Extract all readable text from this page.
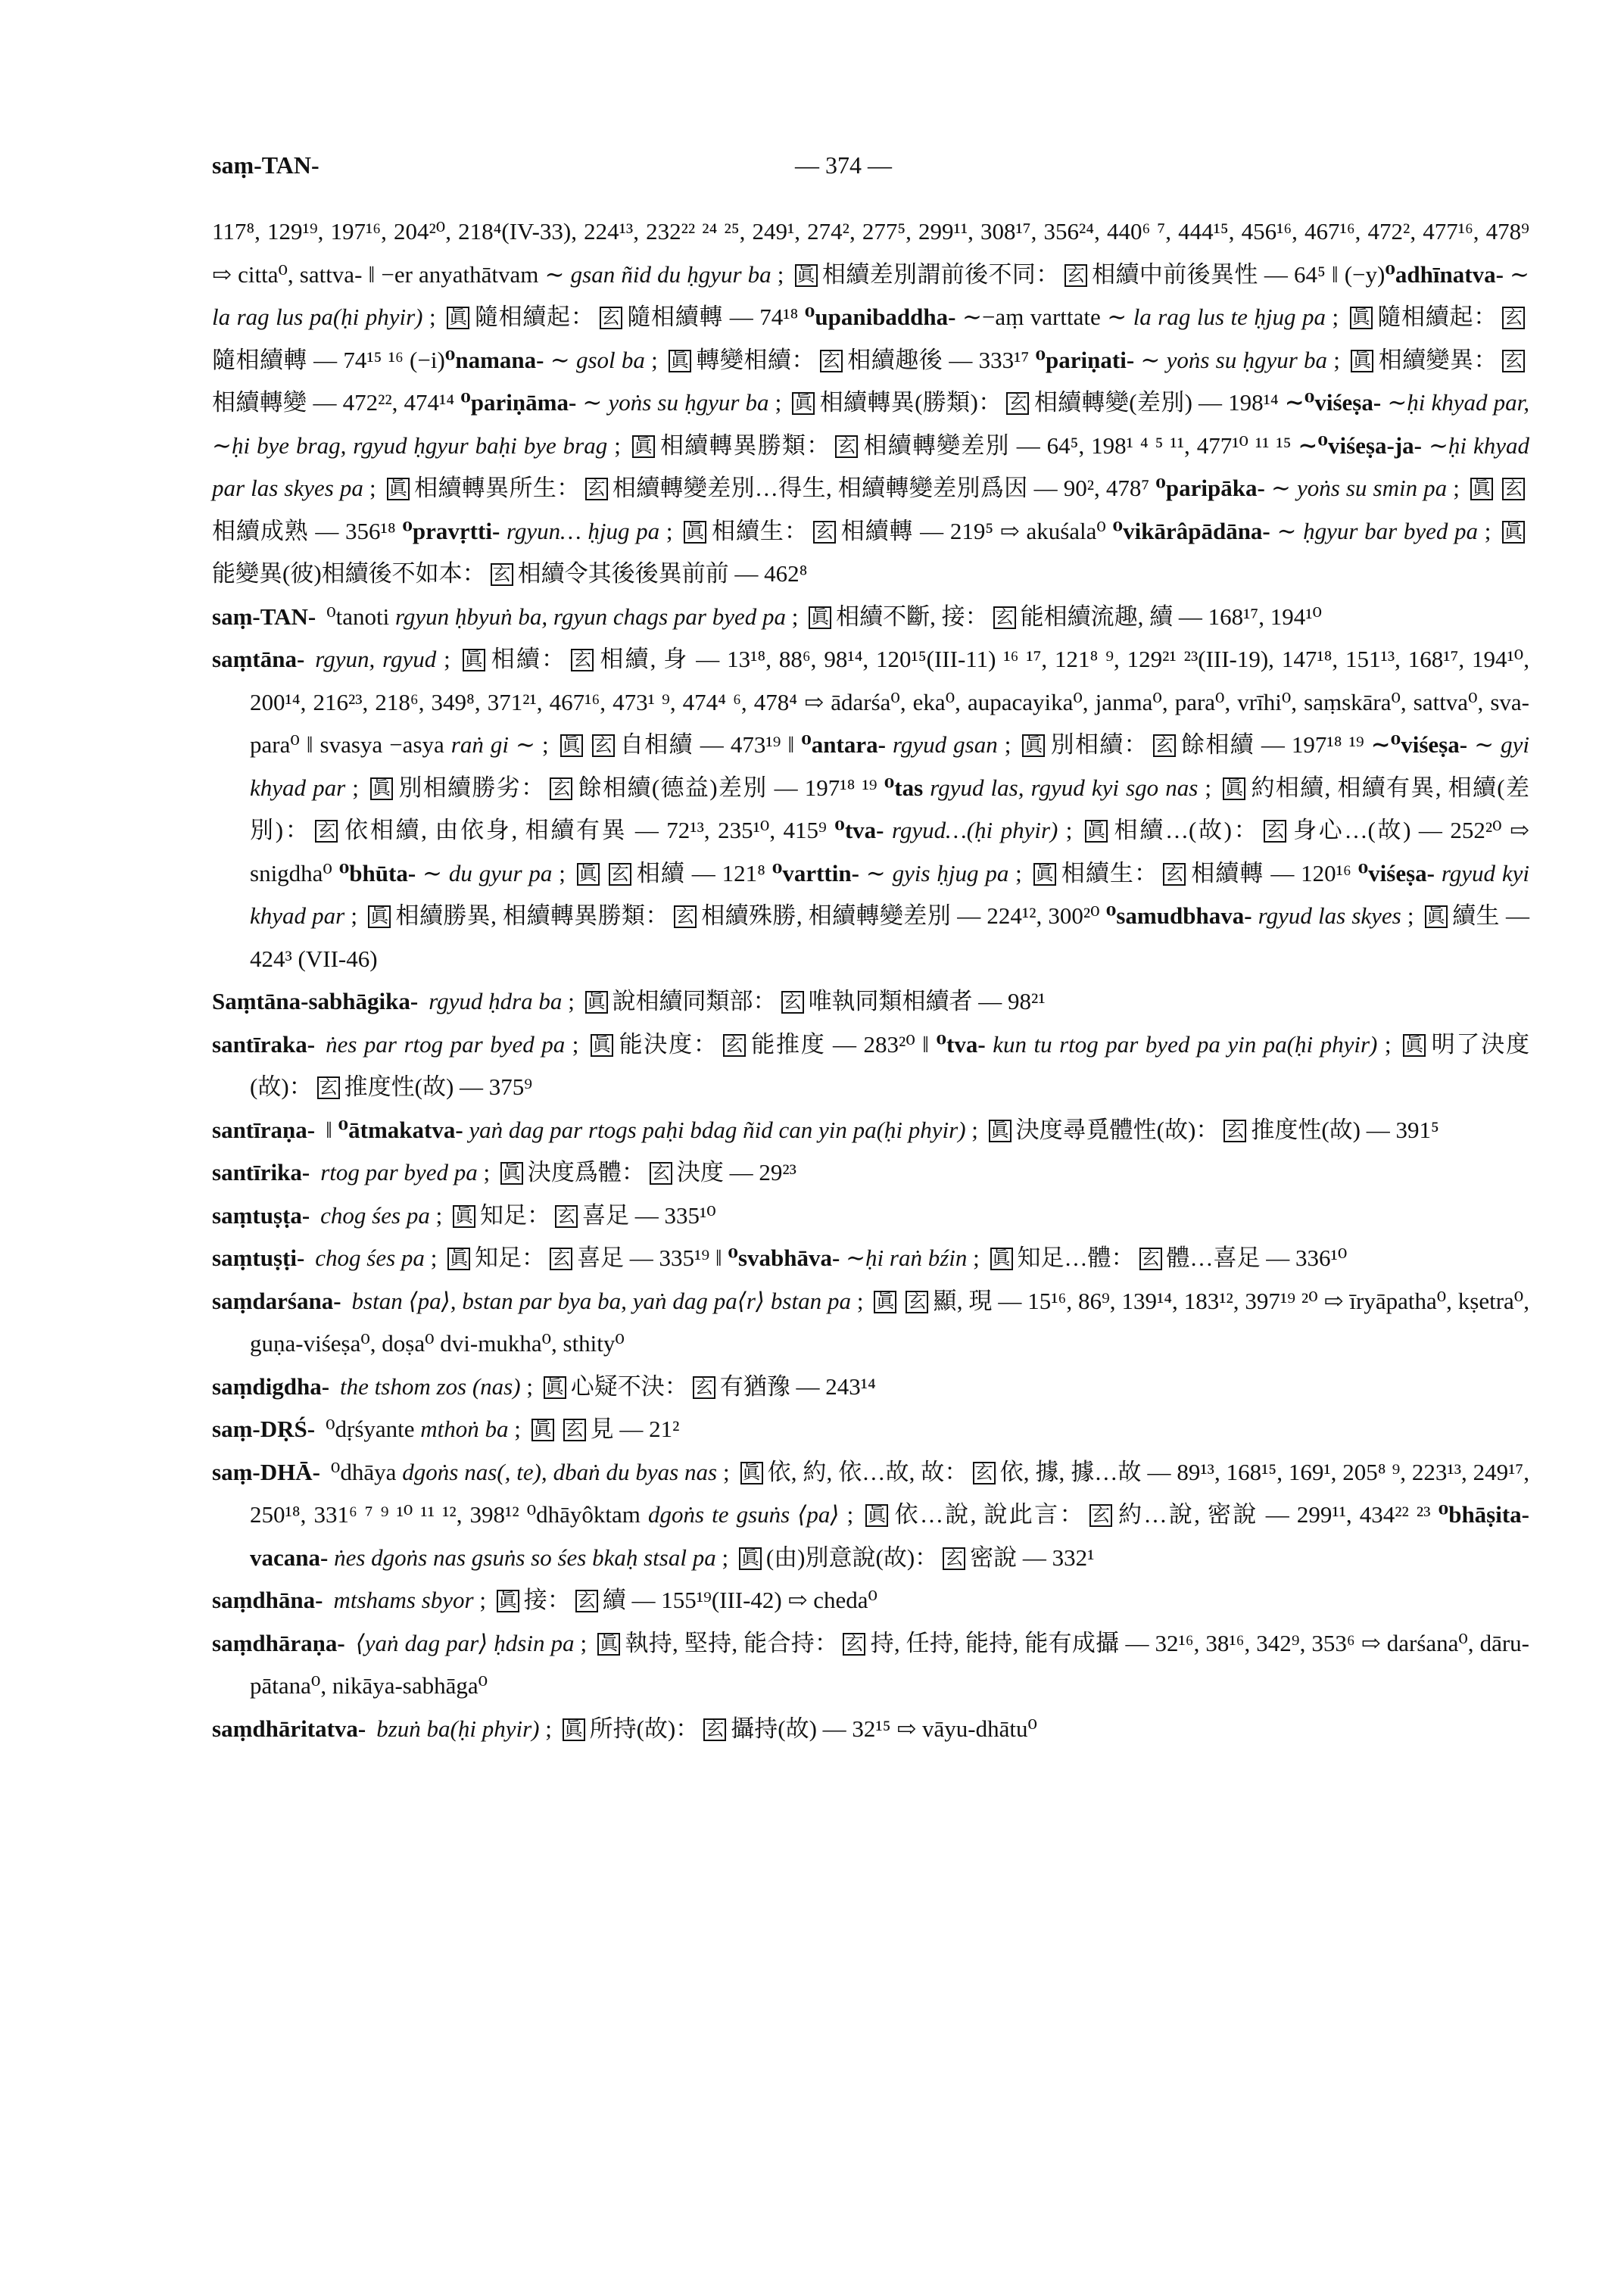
saṃ-TAN-	— 374 —

117⁸, 129¹⁹, 197¹⁶, 204²⁰, 218⁴(IV-33), 224¹³, 232²² ²⁴ ²⁵, 249¹, 274², 277⁵, 299¹¹, 308¹⁷, 356²⁴, 440⁶ ⁷, 444¹⁵, 456¹⁶, 467¹⁶, 472², 477¹⁶, 478⁹ ⇨ citta⁰, sattva- ‖ −er anyathātvam ∼ gsan ñid du ḥgyur ba ; 眞 相續差別謂前後不同： 玄 相續中前後異性 — 64⁵ ‖ (−y)⁰adhīnatva- ∼ la rag lus pa(ḥi phyir) ; 眞 隨相續起： 玄 隨相續轉 — 74¹⁸ ⁰upanibaddha- ∼−aṃ varttate ∼ la rag lus te ḥjug pa ; 眞 隨相續起： 玄隨相續轉 — 74¹⁵ ¹⁶ (−i)⁰namana- ∼ gsol ba ; 眞 轉變相續： 玄 相續趣後 — 333¹⁷ ⁰pariṇati- ∼ yoṅs su ḥgyur ba ; 眞 相續變異： 玄相續轉變 — 472²², 474¹⁴ ⁰pariṇāma- ∼ yoṅs su ḥgyur ba ; 眞 相續轉異(勝類)： 玄 相續轉變(差別) — 198¹⁴ ∼⁰viśeṣa- ∼ḥi khyad par, ∼ḥi bye brag, rgyud ḥgyur baḥi bye brag ; 眞 相續轉異勝類： 玄 相續轉變差別 — 64⁵, 198¹ ⁴ ⁵ ¹¹, 477¹⁰ ¹¹ ¹⁵ ∼⁰viśeṣa-ja- ∼ḥi khyad par las skyes pa ; 眞 相續轉異所生： 玄 相續轉變差別…得生, 相續轉變差別爲因 — 90², 478⁷ ⁰paripāka- ∼ yoṅs su smin pa ; 眞 玄相續成熟 — 356¹⁸ ⁰pravṛtti- rgyun… ḥjug pa ; 眞 相續生： 玄 相續轉 — 219⁵ ⇨ akuśala⁰ ⁰vikārâpādāna- ∼ ḥgyur bar byed pa ; 眞能變異(彼)相續後不如本： 玄 相續令其後後異前前 — 462⁸

saṃ-TAN- ⁰tanoti rgyun ḥbyuṅ ba, rgyun chags par byed pa ; 眞 相續不斷, 接： 玄 能相續流趣, 續 — 168¹⁷, 194¹⁰

saṃtāna- rgyun, rgyud ; 眞 相續： 玄 相續, 身 — 13¹⁸, 88⁶, 98¹⁴, 120¹⁵(III-11) ¹⁶ ¹⁷, 121⁸ ⁹, 129²¹ ²³(III-19), 147¹⁸, 151¹³, 168¹⁷, 194¹⁰, 200¹⁴, 216²³, 218⁶, 349⁸, 371²¹, 467¹⁶, 473¹ ⁹, 474⁴ ⁶, 478⁴ ⇨ ādarśa⁰, eka⁰, aupacayika⁰, janma⁰, para⁰, vrīhi⁰, saṃskāra⁰, sattva⁰, sva-para⁰ ‖ svasya −asya raṅ gi ∼ ; 眞 玄 自相續 — 473¹⁹ ‖ ⁰antara- rgyud gsan ; 眞 別相續： 玄 餘相續 — 197¹⁸ ¹⁹ ∼⁰viśeṣa- ∼ gyi khyad par ; 眞 別相續勝劣： 玄 餘相續(德益)差別 — 197¹⁸ ¹⁹ ⁰tas rgyud las, rgyud kyi sgo nas ; 眞 約相續, 相續有異, 相續(差別)： 玄 依相續, 由依身, 相續有異 — 72¹³, 235¹⁰, 415⁹ ⁰tva- rgyud…(ḥi phyir) ; 眞 相續…(故)： 玄 身心…(故) — 252²⁰ ⇨ snigdha⁰ ⁰bhūta- ∼ du gyur pa ; 眞 玄 相續 — 121⁸ ⁰varttin- ∼ gyis ḥjug pa ; 眞 相續生： 玄 相續轉 — 120¹⁶ ⁰viśeṣa- rgyud kyi khyad par ; 眞 相續勝異, 相續轉異勝類： 玄 相續殊勝, 相續轉變差別 — 224¹², 300²⁰ ⁰samudbhava- rgyud las skyes ; 眞 續生 — 424³ (VII-46)

Saṃtāna-sabhāgika- rgyud ḥdra ba ; 眞 說相續同類部： 玄 唯執同類相續者 — 98²¹

santīraka- ṅes par rtog par byed pa ; 眞 能決度： 玄 能推度 — 283²⁰ ‖ ⁰tva- kun tu rtog par byed pa yin pa(ḥi phyir) ; 眞 明了決度(故)： 玄 推度性(故) — 375⁹

santīraṇa- ‖ ⁰ātmakatva- yaṅ dag par rtogs paḥi bdag ñid can yin pa(ḥi phyir) ; 眞 決度尋覓體性(故)： 玄 推度性(故) — 391⁵

santīrika- rtog par byed pa ; 眞 決度爲體： 玄 決度 — 29²³

saṃtuṣṭa- chog śes pa ; 眞 知足： 玄 喜足 — 335¹⁰

saṃtuṣṭi- chog śes pa ; 眞 知足： 玄 喜足 — 335¹⁹ ‖ ⁰svabhāva- ∼ḥi raṅ bźin ; 眞 知足…體： 玄 體…喜足 — 336¹⁰

saṃdarśana- bstan ⟨pa⟩, bstan par bya ba, yaṅ dag pa⟨r⟩ bstan pa ; 眞 玄 顯, 現 — 15¹⁶, 86⁹, 139¹⁴, 183¹², 397¹⁹ ²⁰ ⇨ īryāpatha⁰, kṣetra⁰, guṇa-viśeṣa⁰, doṣa⁰ dvi-mukha⁰, sthity⁰

saṃdigdha- the tshom zos (nas) ; 眞 心疑不決： 玄 有猶豫 — 243¹⁴

saṃ-DṚŚ- ⁰dṛśyante mthoṅ ba ; 眞 玄 見 — 21²

saṃ-DHĀ- ⁰dhāya dgoṅs nas(, te), dbaṅ du byas nas ; 眞 依, 約, 依…故, 故： 玄 依, 據, 據…故 — 89¹³, 168¹⁵, 169¹, 205⁸ ⁹, 223¹³, 249¹⁷, 250¹⁸, 331⁶ ⁷ ⁹ ¹⁰ ¹¹ ¹², 398¹² ⁰dhāyôktam dgoṅs te gsuṅs ⟨pa⟩ ; 眞 依…說, 說此言： 玄 約…說, 密說 — 299¹¹, 434²² ²³ ⁰bhāṣita-vacana- ṅes dgoṅs nas gsuṅs so śes bkaḥ stsal pa ; 眞 (由)別意說(故)： 玄 密說 — 332¹

saṃdhāna- mtshams sbyor ; 眞 接： 玄 續 — 155¹⁹(III-42) ⇨ cheda⁰

saṃdhāraṇa- ⟨yaṅ dag par⟩ ḥdsin pa ; 眞 執持, 堅持, 能合持： 玄 持, 任持, 能持, 能有成攝 — 32¹⁶, 38¹⁶, 342⁹, 353⁶ ⇨ darśana⁰, dāru-pātana⁰, nikāya-sabhāga⁰

saṃdhāritatva- bzuṅ ba(ḥi phyir) ; 眞 所持(故)： 玄 攝持(故) — 32¹⁵ ⇨ vāyu-dhātu⁰
